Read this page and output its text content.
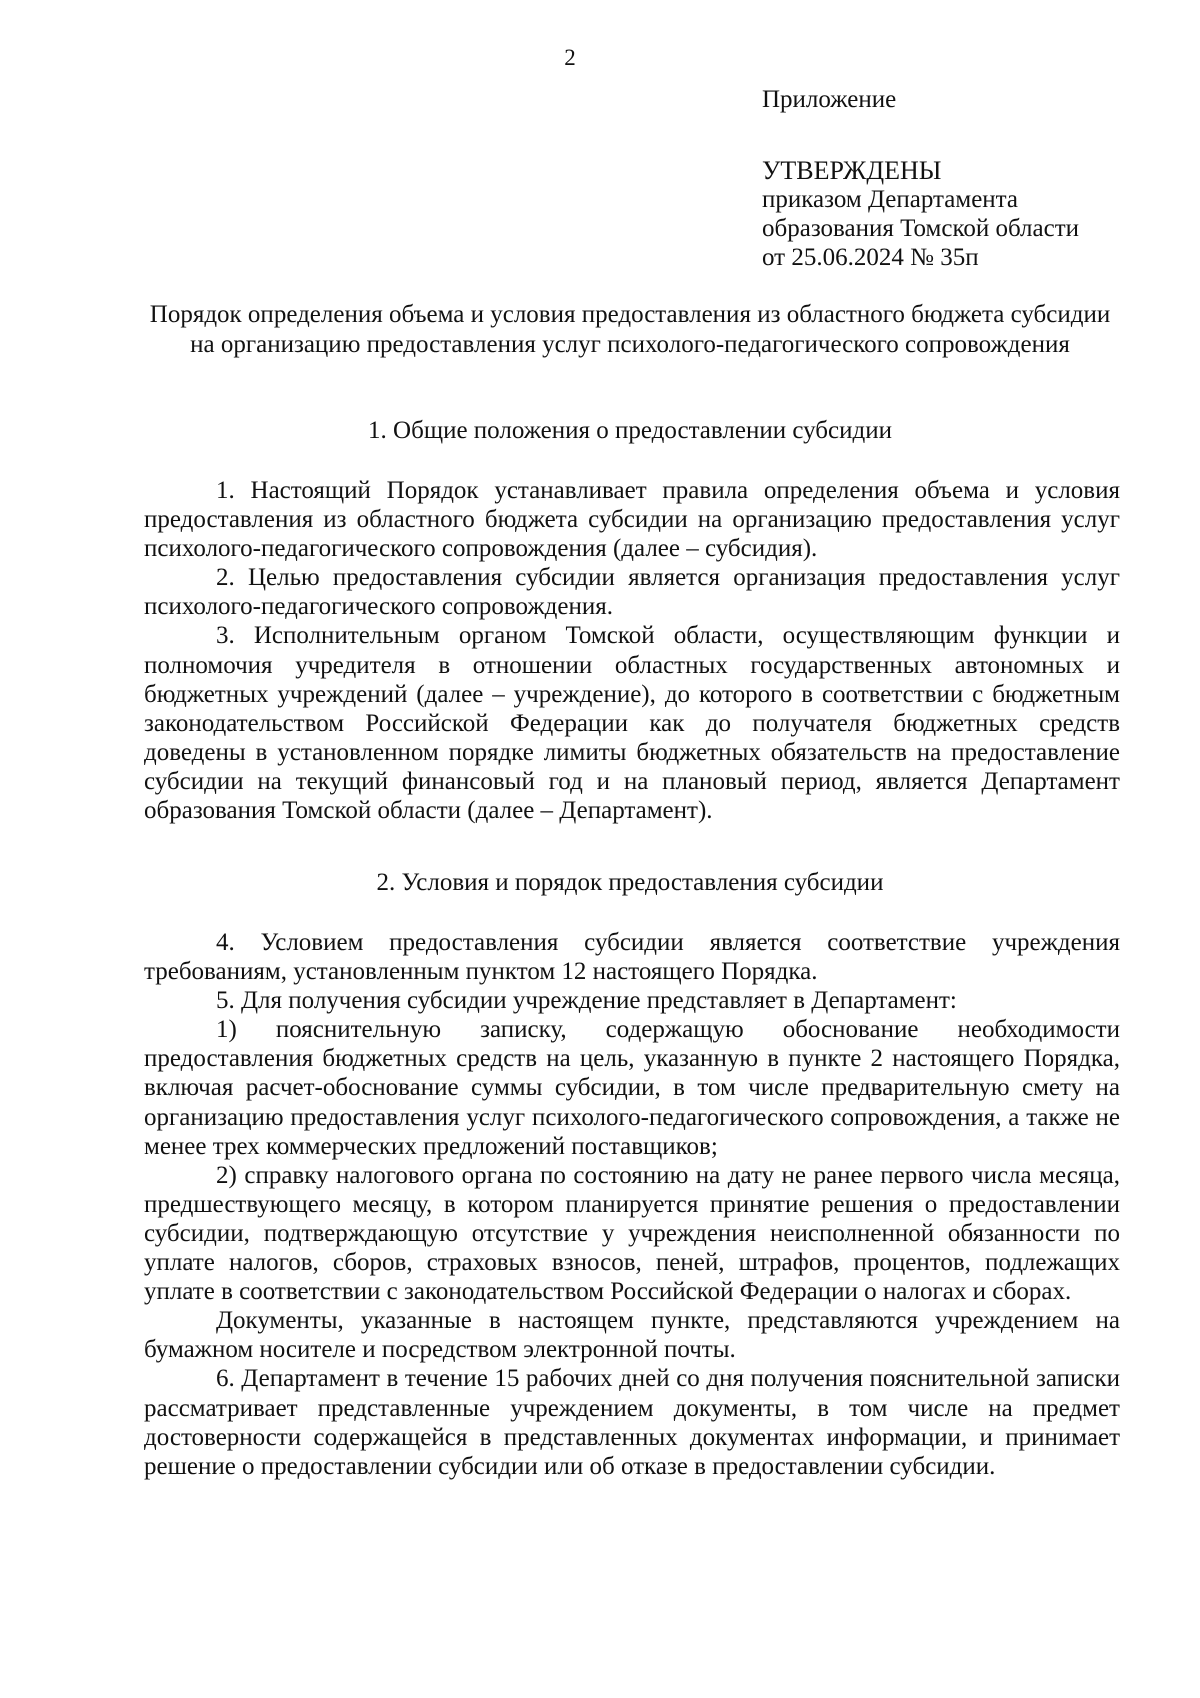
2

Приложение

УТВЕРЖДЕНЫ

приказом Департамента

образования Томской области

от 25.06.2024 № 35п

Порядок определения объема и условия предоставления из областного бюджета субсидии на организацию предоставления услуг психолого-педагогического сопровождения

1. Общие положения о предоставлении субсидии

1. Настоящий Порядок устанавливает правила определения объема и условия предоставления из областного бюджета субсидии на организацию предоставления услуг психолого-педагогического сопровождения (далее – субсидия).

2. Целью предоставления субсидии является организация предоставления услуг психолого-педагогического сопровождения.

3. Исполнительным органом Томской области, осуществляющим функции и полномочия учредителя в отношении областных государственных автономных и бюджетных учреждений (далее – учреждение), до которого в соответствии с бюджетным законодательством Российской Федерации как до получателя бюджетных средств доведены в установленном порядке лимиты бюджетных обязательств на предоставление субсидии на текущий финансовый год и на плановый период, является Департамент образования Томской области (далее – Департамент).

2. Условия и порядок предоставления субсидии

4. Условием предоставления субсидии является соответствие учреждения требованиям, установленным пунктом 12 настоящего Порядка.

5. Для получения субсидии учреждение представляет в Департамент:

1) пояснительную записку, содержащую обоснование необходимости предоставления бюджетных средств на цель, указанную в пункте 2 настоящего Порядка, включая расчет-обоснование суммы субсидии, в том числе предварительную смету на организацию предоставления услуг психолого-педагогического сопровождения, а также не менее трех коммерческих предложений поставщиков;

2) справку налогового органа по состоянию на дату не ранее первого числа месяца, предшествующего месяцу, в котором планируется принятие решения о предоставлении субсидии, подтверждающую отсутствие у учреждения неисполненной обязанности по уплате налогов, сборов, страховых взносов, пеней, штрафов, процентов, подлежащих уплате в соответствии с законодательством Российской Федерации о налогах и сборах.

Документы, указанные в настоящем пункте, представляются учреждением на бумажном носителе и посредством электронной почты.

6. Департамент в течение 15 рабочих дней со дня получения пояснительной записки рассматривает представленные учреждением документы, в том числе на предмет достоверности содержащейся в представленных документах информации, и принимает решение о предоставлении субсидии или об отказе в предоставлении субсидии.
